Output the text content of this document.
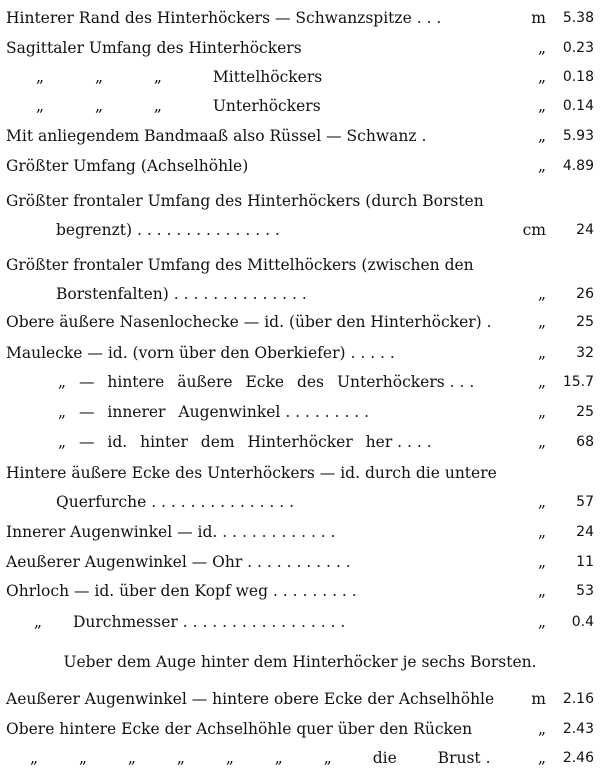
Hinterer Rand des Hinterhöckers — Schwanzspitze . . .	m	5.38
Sagittaler Umfang des Hinterhöckers	„	0.23
„ „ „ Mittelhöckers	„	0.18
„ „ „ Unterhöckers	„	0.14
Mit anliegendem Bandmaaß also Rüssel — Schwanz .	„	5.93
Größter Umfang (Achselhöhle)	„	4.89
Größter frontaler Umfang des Hinterhöckers (durch Borsten
begrenzt) . . . . . . . . . . . . . . .	cm	24
Größter frontaler Umfang des Mittelhöckers (zwischen den
Borstenfalten) . . . . . . . . . . . . . .	„	26
Obere äußere Nasenlochecke — id. (über den Hinterhöcker) .	„	25
Maulecke — id. (vorn über den Oberkiefer) . . . . .	„	32
„ — hintere äußere Ecke des Unterhöckers . . .	„	15.7
„ — innerer Augenwinkel . . . . . . . . .	„	25
„ — id. hinter dem Hinterhöcker her . . . .	„	68
Hintere äußere Ecke des Unterhöckers — id. durch die untere
Querfurche . . . . . . . . . . . . . . .	„	57
Innerer Augenwinkel — id. . . . . . . . . . . . .	„	24
Aeußerer Augenwinkel — Ohr . . . . . . . . . . .	„	11
Ohrloch — id. über den Kopf weg . . . . . . . . .	„	53
„ Durchmesser . . . . . . . . . . . . . . . . .	„	0.4
Ueber dem Auge hinter dem Hinterhöcker je sechs Borsten.
Aeußerer Augenwinkel — hintere obere Ecke der Achselhöhle	m	2.16
Obere hintere Ecke der Achselhöhle quer über den Rücken	„	2.43
„ „ „ „ „ „ „ die Brust .	„	2.46
